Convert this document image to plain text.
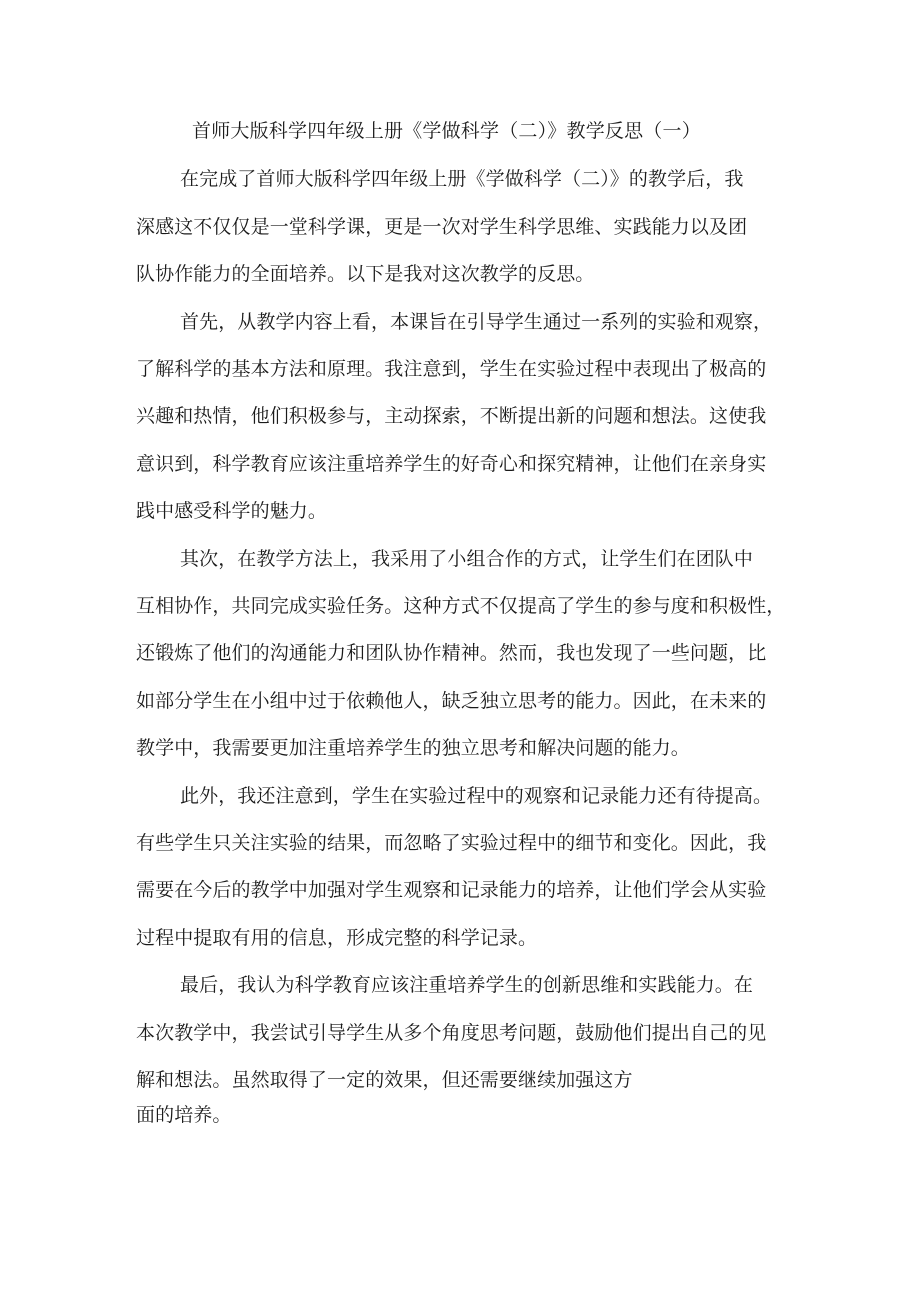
首师大版科学四年级上册《学做科学（二）》教学反思（一）
在完成了首师大版科学四年级上册《学做科学（二）》的教学后，我
深感这不仅仅是一堂科学课，更是一次对学生科学思维、实践能力以及团
队协作能力的全面培养。以下是我对这次教学的反思。
首先，从教学内容上看，本课旨在引导学生通过一系列的实验和观察，
了解科学的基本方法和原理。我注意到，学生在实验过程中表现出了极高的
兴趣和热情，他们积极参与，主动探索，不断提出新的问题和想法。这使我
意识到，科学教育应该注重培养学生的好奇心和探究精神，让他们在亲身实
践中感受科学的魅力。
其次，在教学方法上，我采用了小组合作的方式，让学生们在团队中
互相协作，共同完成实验任务。这种方式不仅提高了学生的参与度和积极性，
还锻炼了他们的沟通能力和团队协作精神。然而，我也发现了一些问题，比
如部分学生在小组中过于依赖他人，缺乏独立思考的能力。因此，在未来的
教学中，我需要更加注重培养学生的独立思考和解决问题的能力。
此外，我还注意到，学生在实验过程中的观察和记录能力还有待提高。
有些学生只关注实验的结果，而忽略了实验过程中的细节和变化。因此，我
需要在今后的教学中加强对学生观察和记录能力的培养，让他们学会从实验
过程中提取有用的信息，形成完整的科学记录。
最后，我认为科学教育应该注重培养学生的创新思维和实践能力。在
本次教学中，我尝试引导学生从多个角度思考问题，鼓励他们提出自己的见
解和想法。虽然取得了一定的效果，但还需要继续加强这方
面的培养。
